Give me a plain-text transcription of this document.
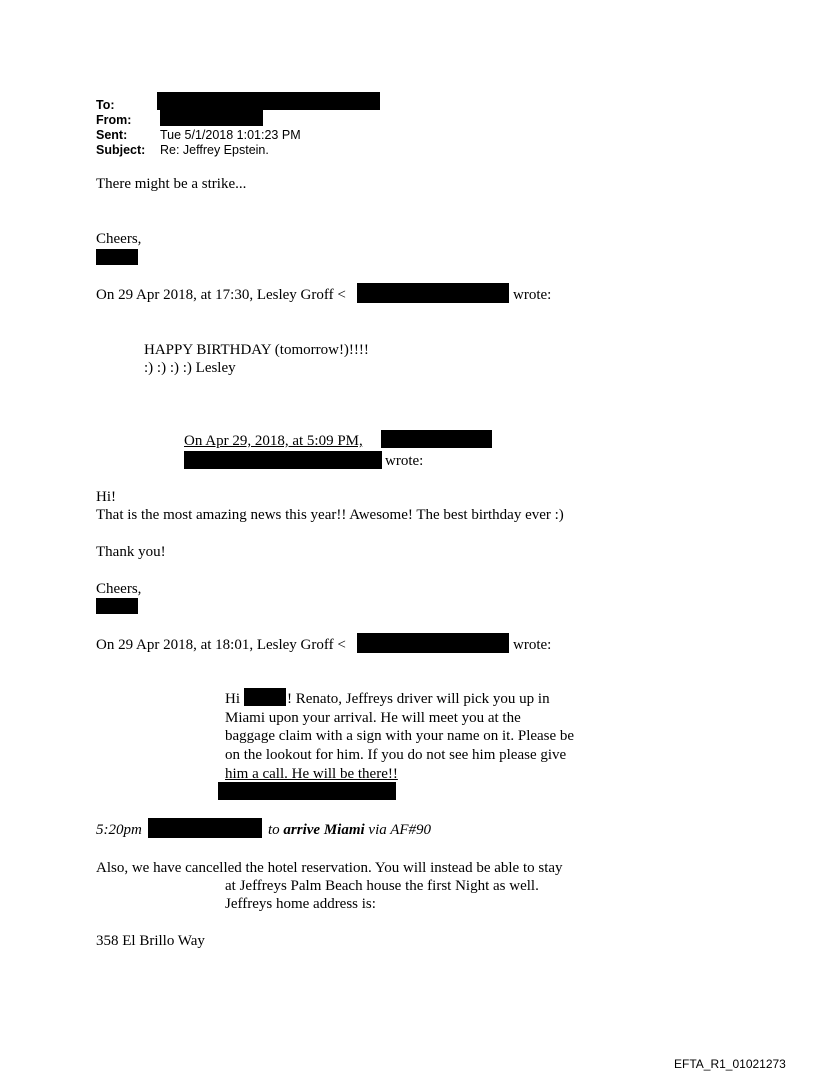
To:
From:
Sent:	Tue 5/1/2018 1:01:23 PM
Subject: Re: Jeffrey Epstein.
There might be a strike...
Cheers,
On 29 Apr 2018, at 17:30, Lesley Groff <	wrote:
HAPPY BIRTHDAY (tomorrow!)!!!!
:) :) :) :) Lesley
On Apr 29, 2018, at 5:09 PM,
wrote:
Hi!
That is the most amazing news this year!! Awesome! The best birthday ever :)
Thank you!
Cheers,
On 29 Apr 2018, at 18:01, Lesley Groff <	wrote:
Hi	! Renato, Jeffreys driver will pick you up in
Miami upon your arrival. He will meet you at the
baggage claim with a sign with your name on it. Please be
on the lookout for him. If you do not see him please give
him a call. He will be there!!
5:20pm	to arrive Miami via AF#90
Also, we have cancelled the hotel reservation. You will instead be able to stay
at Jeffreys Palm Beach house the first Night as well.
Jeffreys home address is:
358 El Brillo Way
EFTA_R1_01021273
